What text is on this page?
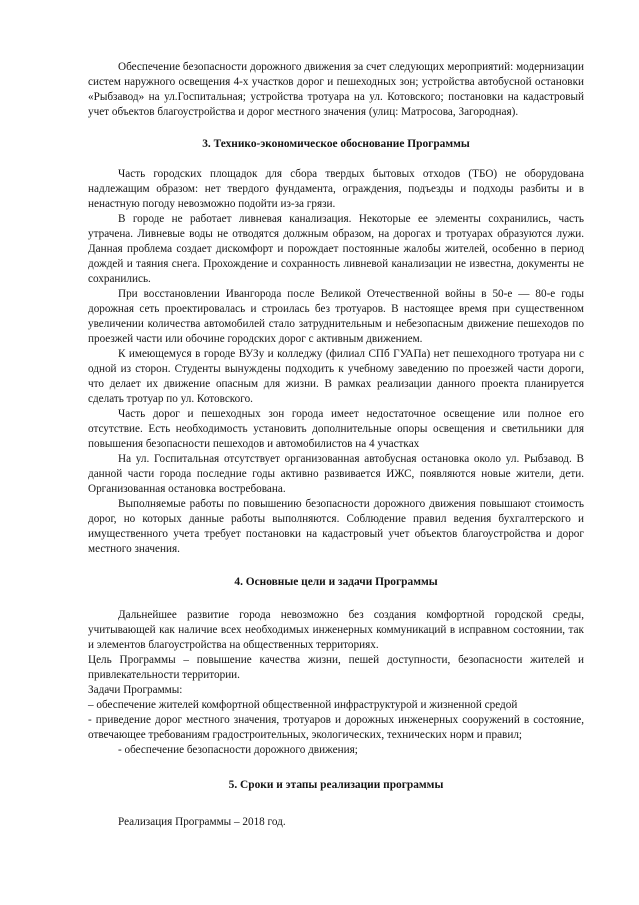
Обеспечение безопасности дорожного движения за счет следующих мероприятий: модернизации систем наружного освещения 4-х участков дорог и пешеходных зон; устройства автобусной остановки «Рыбзавод» на ул.Госпитальная; устройства тротуара на ул. Котовского; постановки на кадастровый учет объектов благоустройства и дорог местного значения (улиц: Матросова, Загородная).

3. Технико-экономическое обоснование Программы

Часть городских площадок для сбора твердых бытовых отходов (ТБО) не оборудована надлежащим образом: нет твердого фундамента, ограждения, подъезды и подходы разбиты и в ненастную погоду невозможно подойти из-за грязи.

В городе не работает ливневая канализация. Некоторые ее элементы сохранились, часть утрачена. Ливневые воды не отводятся должным образом, на дорогах и тротуарах образуются лужи. Данная проблема создает дискомфорт и порождает постоянные жалобы жителей, особенно в период дождей и таяния снега. Прохождение и сохранность ливневой канализации не известна, документы не сохранились.

При восстановлении Ивангорода после Великой Отечественной войны в 50-е — 80-е годы дорожная сеть проектировалась и строилась без тротуаров. В настоящее время при существенном увеличении количества автомобилей стало затруднительным и небезопасным движение пешеходов по проезжей части или обочине городских дорог с активным движением.

К имеющемуся в городе ВУЗу и колледжу (филиал СПб ГУАПа) нет пешеходного тротуара ни с одной из сторон. Студенты вынуждены подходить к учебному заведению по проезжей части дороги, что делает их движение опасным для жизни. В рамках реализации данного проекта планируется сделать тротуар по ул. Котовского.

Часть дорог и пешеходных зон города имеет недостаточное освещение или полное его отсутствие. Есть необходимость установить дополнительные опоры освещения и светильники для повышения безопасности пешеходов и автомобилистов на 4 участках

На ул. Госпитальная отсутствует организованная автобусная остановка около ул. Рыбзавод. В данной части города последние годы активно развивается ИЖС, появляются новые жители, дети. Организованная остановка востребована.

Выполняемые работы по повышению безопасности дорожного движения повышают стоимость дорог, но которых данные работы выполняются. Соблюдение правил ведения бухгалтерского и имущественного учета требует постановки на кадастровый учет объектов благоустройства и дорог местного значения.

4. Основные цели и задачи Программы

Дальнейшее развитие города невозможно без создания комфортной городской среды, учитывающей как наличие всех необходимых инженерных коммуникаций в исправном состоянии, так и элементов благоустройства на общественных территориях.

Цель Программы – повышение качества жизни, пешей доступности, безопасности жителей и привлекательности территории.

Задачи Программы:

– обеспечение жителей комфортной общественной инфраструктурой и жизненной средой

- приведение дорог местного значения, тротуаров и дорожных инженерных сооружений в состояние, отвечающее требованиям градостроительных, экологических, технических норм и правил;

- обеспечение безопасности дорожного движения;

5. Сроки и этапы реализации программы

Реализация Программы – 2018 год.
